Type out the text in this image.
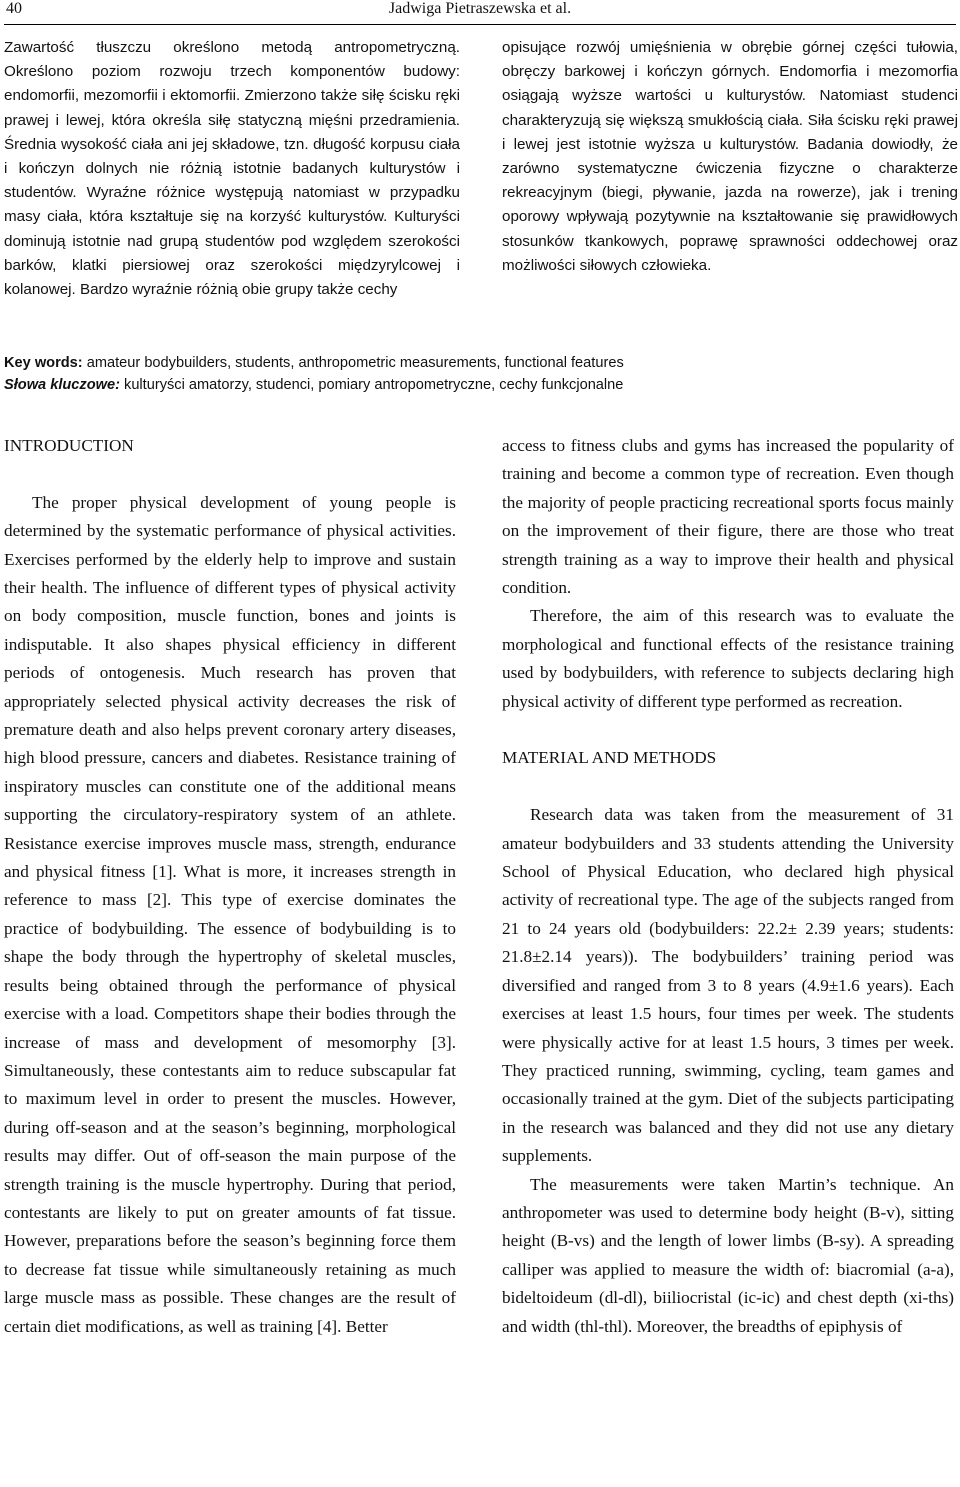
40	Jadwiga Pietraszewska et al.

Zawartość tłuszczu określono metodą antropometryczną. Określono poziom rozwoju trzech komponentów budowy: endomorfii, mezomorfii i ektomorfii. Zmierzono także siłę ścisku ręki prawej i lewej, która określa siłę statyczną mięśni przedramienia. Średnia wysokość ciała ani jej składowe, tzn. długość korpusu ciała i kończyn dolnych nie różnią istotnie badanych kulturystów i studentów. Wyraźne różnice występują natomiast w przypadku masy ciała, która kształtuje się na korzyść kulturystów. Kulturyści dominują istotnie nad grupą studentów pod względem szerokości barków, klatki piersiowej oraz szerokości międzyrylcowej i kolanowej. Bardzo wyraźnie różnią obie grupy także cechy

opisujące rozwój umięśnienia w obrębie górnej części tułowia, obręczy barkowej i kończyn górnych. Endomorfia i mezomorfia osiągają wyższe wartości u kulturystów. Natomiast studenci charakteryzują się większą smukłością ciała. Siła ścisku ręki prawej i lewej jest istotnie wyższa u kulturystów. Badania dowiodły, że zarówno systematyczne ćwiczenia fizyczne o charakterze rekreacyjnym (biegi, pływanie, jazda na rowerze), jak i trening oporowy wpływają pozytywnie na kształtowanie się prawidłowych stosunków tkankowych, poprawę sprawności oddechowej oraz możliwości siłowych człowieka.

Key words: amateur bodybuilders, students, anthropometric measurements, functional features
Słowa kluczowe: kulturyści amatorzy, studenci, pomiary antropometryczne, cechy funkcjonalne
INTRODUCTION

The proper physical development of young people is determined by the systematic performance of physical activities. Exercises performed by the elderly help to improve and sustain their health. The influence of different types of physical activity on body composition, muscle function, bones and joints is indisputable. It also shapes physical efficiency in different periods of ontogenesis. Much research has proven that appropriately selected physical activity decreases the risk of premature death and also helps prevent coronary artery diseases, high blood pressure, cancers and diabetes. Resistance training of inspiratory muscles can constitute one of the additional means supporting the circulatory-respiratory system of an athlete. Resistance exercise improves muscle mass, strength, endurance and physical fitness [1]. What is more, it increases strength in reference to mass [2]. This type of exercise dominates the practice of bodybuilding. The essence of bodybuilding is to shape the body through the hypertrophy of skeletal muscles, results being obtained through the performance of physical exercise with a load. Competitors shape their bodies through the increase of mass and development of mesomorphy [3]. Simultaneously, these contestants aim to reduce subscapular fat to maximum level in order to present the muscles. However, during off-season and at the season’s beginning, morphological results may differ. Out of off-season the main purpose of the strength training is the muscle hypertrophy. During that period, contestants are likely to put on greater amounts of fat tissue. However, preparations before the season’s beginning force them to decrease fat tissue while simultaneously retaining as much large muscle mass as possible. These changes are the result of certain diet modifications, as well as training [4]. Better

access to fitness clubs and gyms has increased the popularity of training and become a common type of recreation. Even though the majority of people practicing recreational sports focus mainly on the improvement of their figure, there are those who treat strength training as a way to improve their health and physical condition.

Therefore, the aim of this research was to evaluate the morphological and functional effects of the resistance training used by bodybuilders, with reference to subjects declaring high physical activity of different type performed as recreation.

MATERIAL AND METHODS

Research data was taken from the measurement of 31 amateur bodybuilders and 33 students attending the University School of Physical Education, who declared high physical activity of recreational type. The age of the subjects ranged from 21 to 24 years old (bodybuilders: 22.2± 2.39 years; students: 21.8±2.14 years)). The bodybuilders’ training period was diversified and ranged from 3 to 8 years (4.9±1.6 years). Each exercises at least 1.5 hours, four times per week. The students were physically active for at least 1.5 hours, 3 times per week. They practiced running, swimming, cycling, team games and occasionally trained at the gym. Diet of the subjects participating in the research was balanced and they did not use any dietary supplements.

The measurements were taken Martin’s technique. An anthropometer was used to determine body height (B-v), sitting height (B-vs) and the length of lower limbs (B-sy). A spreading calliper was applied to measure the width of: biacromial (a-a), bideltoideum (dl-dl), biiliocristal (ic-ic) and chest depth (xi-ths) and width (thl-thl). Moreover, the breadths of epiphysis of
